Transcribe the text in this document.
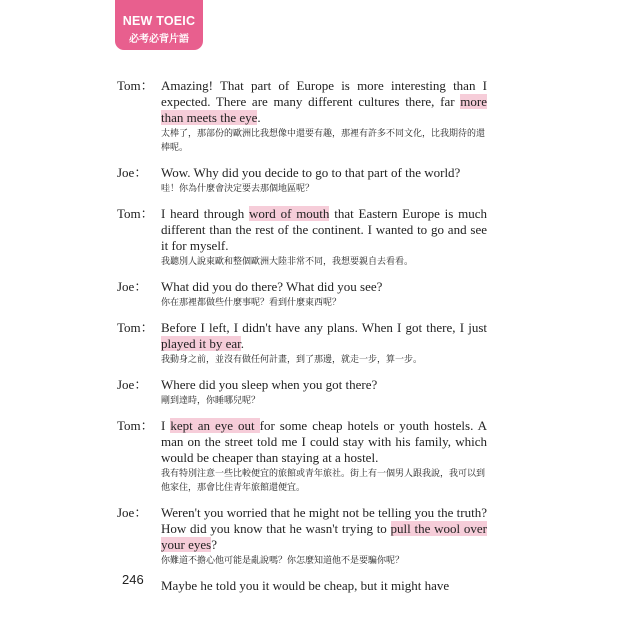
NEW TOEIC
必考必背片語
Tom： Amazing! That part of Europe is more interesting than I expected. There are many different cultures there, far more than meets the eye.

太棒了，那部份的歐洲比我想像中還要有趣，那裡有許多不同文化，比我期待的還棒呢。

Joe：	Wow. Why did you decide to go to that part of the world?

哇！你為什麼會決定要去那個地區呢？

Tom： I heard through word of mouth that Eastern Europe is much different than the rest of the continent. I wanted to go and see it for myself.

我聽別人說東歐和整個歐洲大陸非常不同，我想要親自去看看。

Joe：	What did you do there? What did you see?

你在那裡都做些什麼事呢？看到什麼東西呢？

Tom： Before I left, I didn't have any plans. When I got there, I just played it by ear.

我動身之前，並沒有做任何計畫，到了那邊，就走一步，算一步。

Joe：	Where did you sleep when you got there?

剛到達時，你睡哪兒呢？

Tom： I kept an eye out for some cheap hotels or youth hostels. A man on the street told me I could stay with his family, which would be cheaper than staying at a hostel.

我有特別注意一些比較便宜的旅館或青年旅社。街上有一個男人跟我說，我可以到他家住，那會比住青年旅館還便宜。

Joe：	Weren't you worried that he might not be telling you the truth? How did you know that he wasn't trying to pull the wool over your eyes?

你難道不擔心他可能是亂說嗎？你怎麼知道他不是要騙你呢？

Maybe he told you it would be cheap, but it might have

246
